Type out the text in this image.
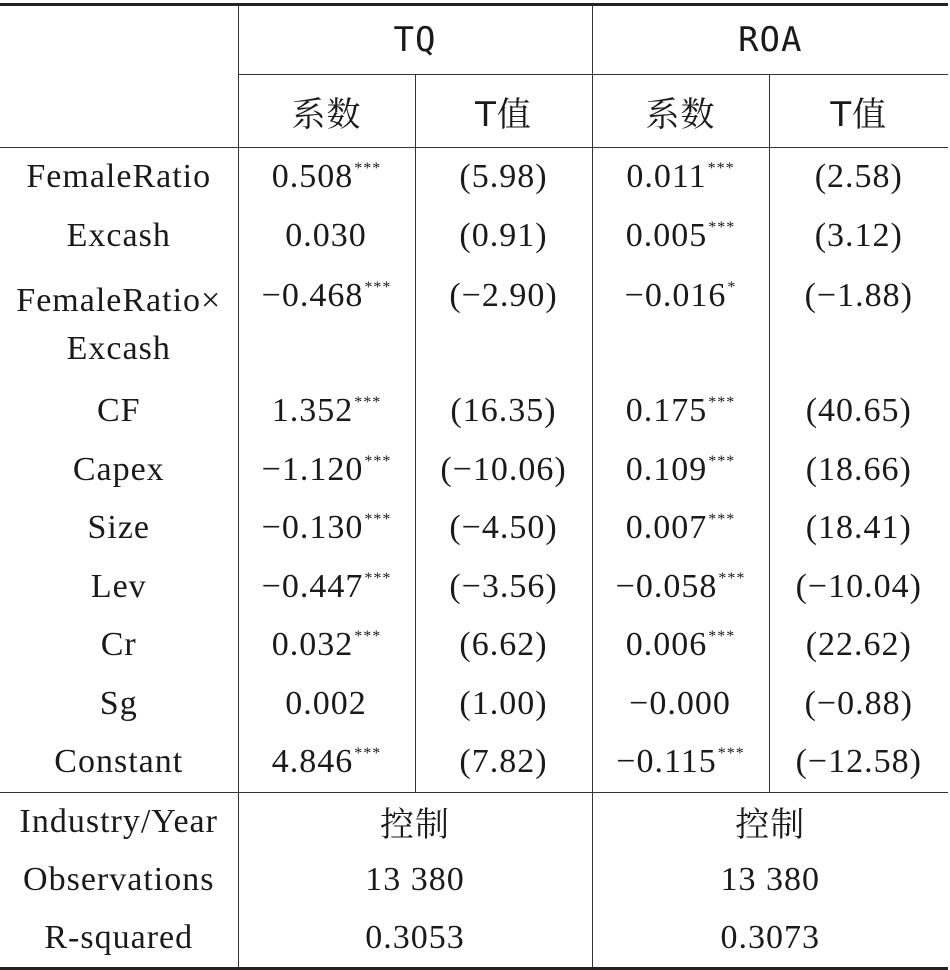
	TQ		ROA	
	系数	T值	系数	T值
FemaleRatio	0.508***	(5.98)	0.011***	(2.58)
Excash	0.030	(0.91)	0.005***	(3.12)

FemaleRatio×
Excash	−0.468***	(−2.90)	−0.016*	(−1.88)
CF	1.352***	(16.35)	0.175***	(40.65)
Capex	−1.120***	(−10.06)	0.109***	(18.66)
Size	−0.130***	(−4.50)	0.007***	(18.41)
Lev	−0.447***	(−3.56)	−0.058***	(−10.04)
Cr	0.032***	(6.62)	0.006***	(22.62)
Sg	0.002	(1.00)	−0.000	(−0.88)
Constant	4.846***	(7.82)	−0.115***	(−12.58)
Industry/Year	控制		控制	
Observations	13 380		13 380	
R-squared	0.3053		0.3073	
